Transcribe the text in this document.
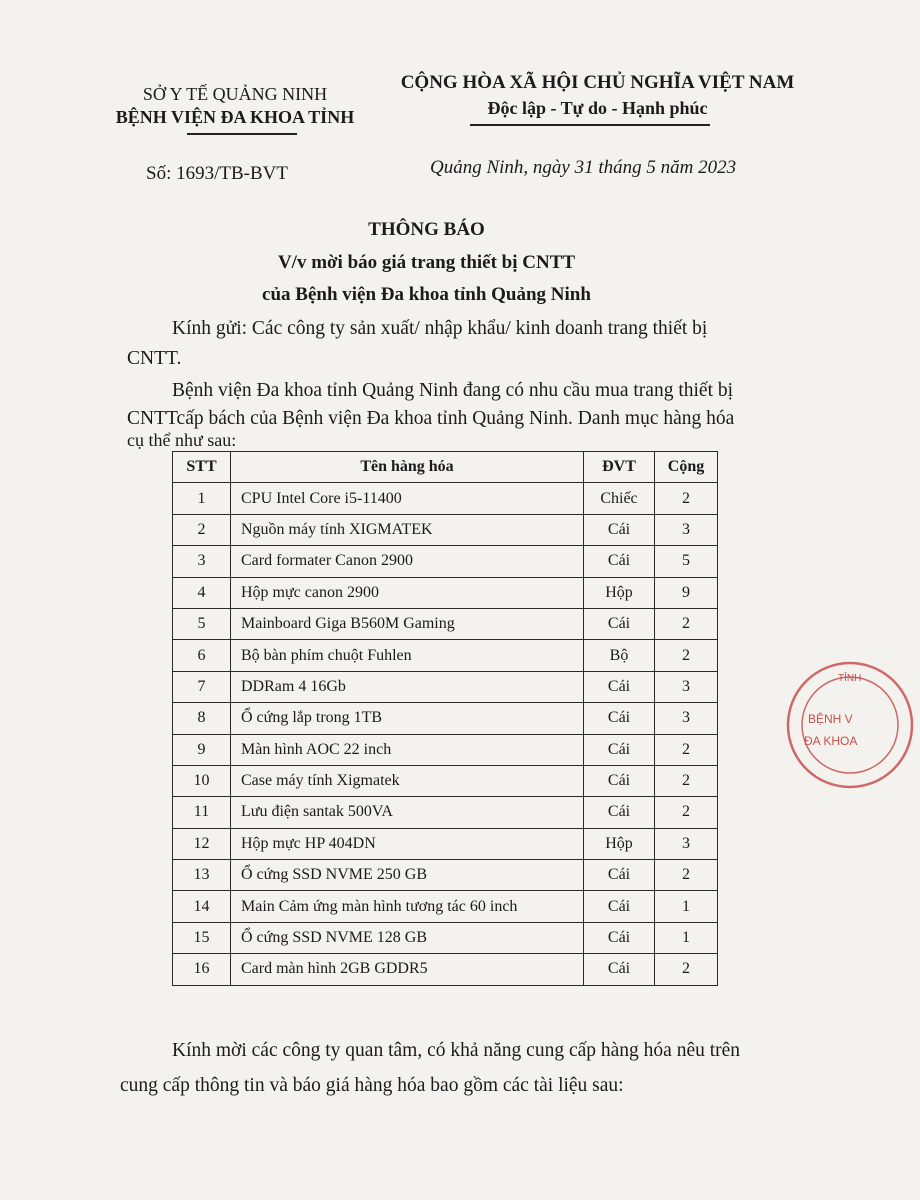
SỞ Y TẾ QUẢNG NINH
BỆNH VIỆN ĐA KHOA TỈNH
CỘNG HÒA XÃ HỘI CHỦ NGHĨA VIỆT NAM
Độc lập - Tự do - Hạnh phúc
Số: 1693/TB-BVT	Quảng Ninh, ngày 31 tháng 5 năm 2023
THÔNG BÁO
V/v mời báo giá trang thiết bị CNTT
của Bệnh viện Đa khoa tỉnh Quảng Ninh
Kính gửi: Các công ty sản xuất/ nhập khẩu/ kinh doanh trang thiết bị
CNTT.
Bệnh viện Đa khoa tỉnh Quảng Ninh đang có nhu cầu mua trang thiết bị
CNTTcấp bách của Bệnh viện Đa khoa tỉnh Quảng Ninh. Danh mục hàng hóa
cụ thể như sau:
STT	Tên hàng hóa	ĐVT	Cộng
1	CPU Intel Core i5-11400	Chiếc	2
2	Nguồn máy tính XIGMATEK	Cái	3
3	Card formater Canon 2900	Cái	5
4	Hộp mực canon 2900	Hộp	9
5	Mainboard Giga B560M Gaming	Cái	2
6	Bộ bàn phím chuột Fuhlen	Bộ	2
7	DDRam 4 16Gb	Cái	3
8	Ổ cứng lắp trong 1TB	Cái	3
9	Màn hình AOC 22 inch	Cái	2
10	Case máy tính Xigmatek	Cái	2
11	Lưu điện santak 500VA	Cái	2
12	Hộp mực HP 404DN	Hộp	3
13	Ổ cứng SSD NVME 250 GB	Cái	2
14	Main Cảm ứng màn hình tương tác 60 inch	Cái	1
15	Ổ cứng SSD NVME 128 GB	Cái	1
16	Card màn hình 2GB GDDR5	Cái	2
Kính mời các công ty quan tâm, có khả năng cung cấp hàng hóa nêu trên
cung cấp thông tin và báo giá hàng hóa bao gồm các tài liệu sau:
TỈNH
BỆNH V
ĐA KHOA
